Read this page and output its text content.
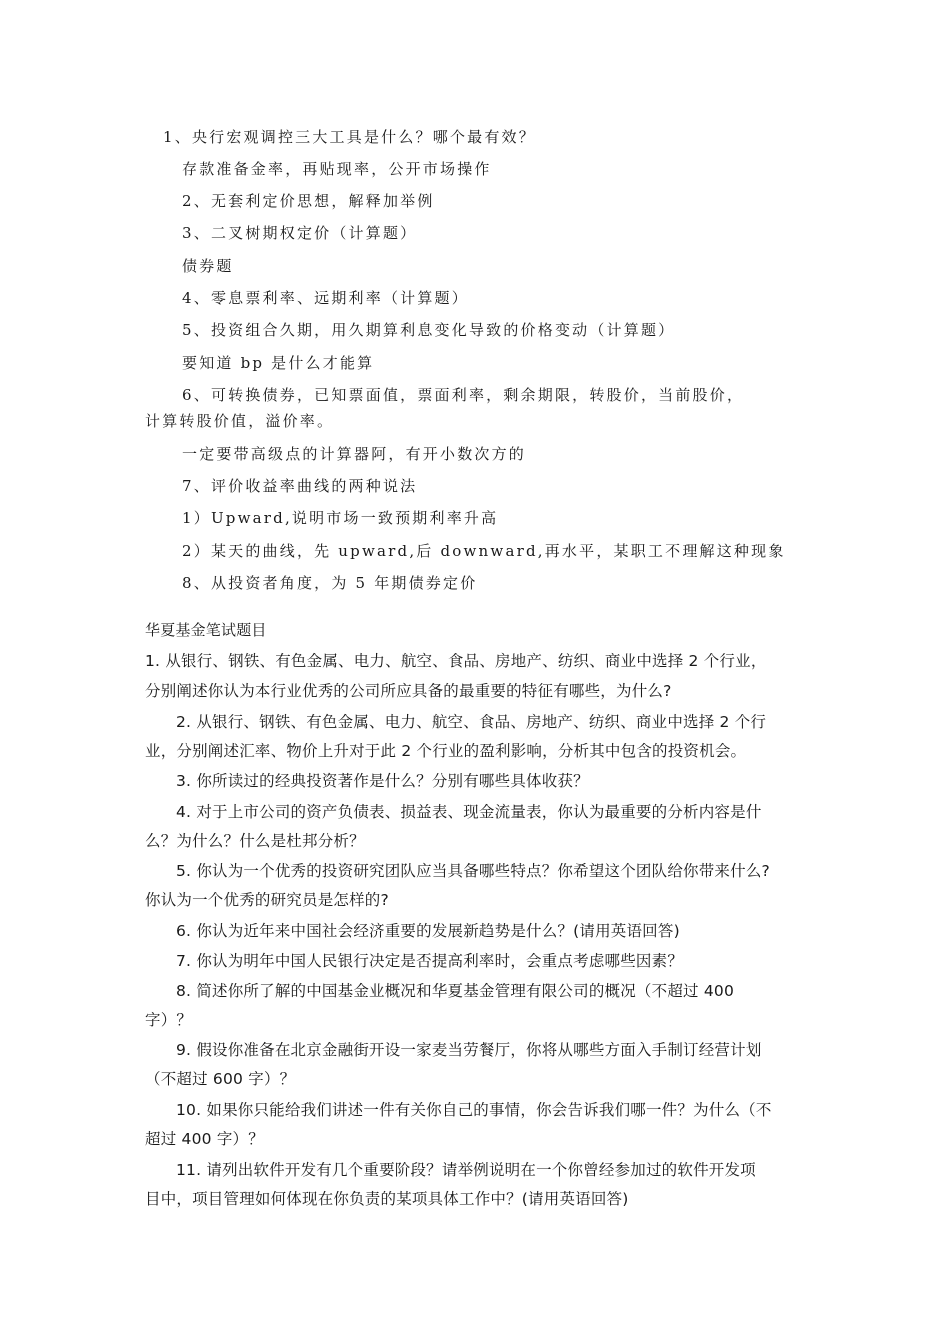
1、央行宏观调控三大工具是什么？哪个最有效？
存款准备金率，再贴现率，公开市场操作
2、无套利定价思想，解释加举例
3、二叉树期权定价（计算题）
债券题
4、零息票利率、远期利率（计算题）
5、投资组合久期，用久期算利息变化导致的价格变动（计算题）
要知道 bp 是什么才能算
6、可转换债券，已知票面值，票面利率，剩余期限，转股价，当前股价，
计算转股价值，溢价率。
一定要带高级点的计算器阿，有开小数次方的
7、评价收益率曲线的两种说法
1）Upward,说明市场一致预期利率升高
2）某天的曲线，先 upward,后 downward,再水平，某职工不理解这种现象
8、从投资者角度，为 5 年期债券定价
华夏基金笔试题目
1. 从银行、钢铁、有色金属、电力、航空、食品、房地产、纺织、商业中选择 2 个行业，
分别阐述你认为本行业优秀的公司所应具备的最重要的特征有哪些，为什么?
2. 从银行、钢铁、有色金属、电力、航空、食品、房地产、纺织、商业中选择 2 个行
业，分别阐述汇率、物价上升对于此 2 个行业的盈利影响，分析其中包含的投资机会。
3. 你所读过的经典投资著作是什么？分别有哪些具体收获？
4. 对于上市公司的资产负债表、损益表、现金流量表，你认为最重要的分析内容是什
么？为什么？什么是杜邦分析？
5. 你认为一个优秀的投资研究团队应当具备哪些特点？你希望这个团队给你带来什么?
你认为一个优秀的研究员是怎样的?
6. 你认为近年来中国社会经济重要的发展新趋势是什么？(请用英语回答)
7. 你认为明年中国人民银行决定是否提高利率时，会重点考虑哪些因素？
8. 简述你所了解的中国基金业概况和华夏基金管理有限公司的概况（不超过 400
字）？
9. 假设你准备在北京金融街开设一家麦当劳餐厅，你将从哪些方面入手制订经营计划
（不超过 600 字）？
10. 如果你只能给我们讲述一件有关你自己的事情，你会告诉我们哪一件？为什么（不
超过 400 字）？
11. 请列出软件开发有几个重要阶段？请举例说明在一个你曾经参加过的软件开发项
目中，项目管理如何体现在你负责的某项具体工作中？(请用英语回答)
